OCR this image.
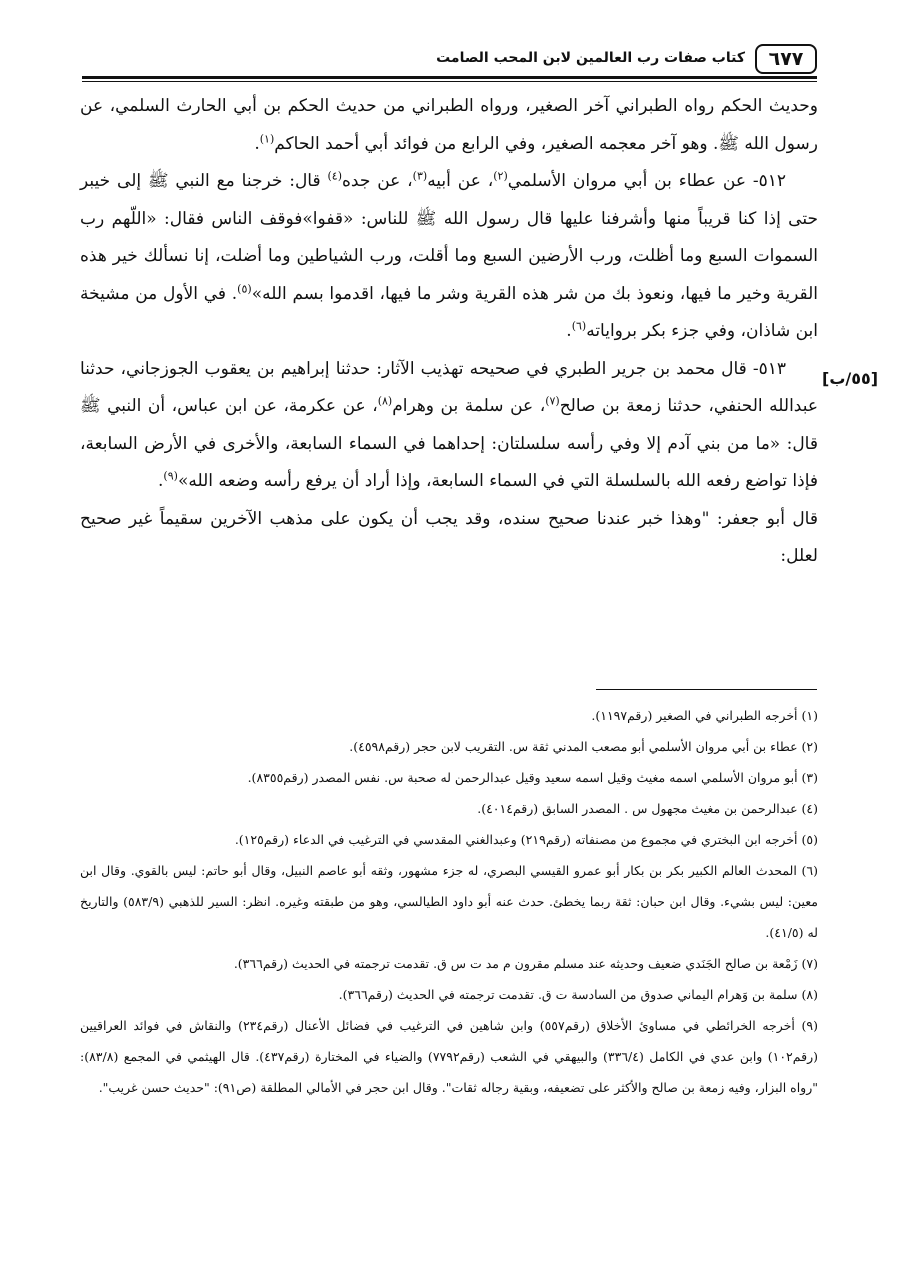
٦٧٧
كتاب صفات رب العالمين لابن المحب الصامت
[٥٥/ب]

وحديث الحكم رواه الطبراني آخر الصغير، ورواه الطبراني من حديث الحكم بن أبي الحارث السلمي، عن رسول الله ﷺ. وهو آخر معجمه الصغير، وفي الرابع من فوائد أبي أحمد الحاكم$^{(١)}$.

٥١٢- عن عطاء بن أبي مروان الأسلمي$^{(٢)}$، عن أبيه$^{(٣)}$، عن جده$^{(٤)}$ قال: خرجنا مع النبي ﷺ إلى خيبر حتى إذا كنا قريباً منها وأشرفنا عليها قال رسول الله ﷺ للناس: «قفوا»فوقف الناس فقال: «اللّهم رب السموات السبع وما أظلت، ورب الأرضين السبع وما أقلت، ورب الشياطين وما أضلت، إنا نسألك خير هذه القرية وخير ما فيها، ونعوذ بك من شر هذه القرية وشر ما فيها، اقدموا بسم الله»$^{(٥)}$. في الأول من مشيخة ابن شاذان، وفي جزء بكر برواياته$^{(٦)}$.

٥١٣- قال محمد بن جرير الطبري في صحيحه تهذيب الآثار: حدثنا إبراهيم بن يعقوب الجوزجاني، حدثنا عبدالله الحنفي، حدثنا زمعة بن صالح$^{(٧)}$، عن سلمة بن وهرام$^{(٨)}$، عن عكرمة، عن ابن عباس، أن النبي ﷺ قال: «ما من بني آدم إلا وفي رأسه سلسلتان: إحداهما في السماء السابعة، والأخرى في الأرض السابعة، فإذا تواضع رفعه الله بالسلسلة التي في السماء السابعة، وإذا أراد أن يرفع رأسه وضعه الله»$^{(٩)}$.

قال أبو جعفر: "وهذا خبر عندنا صحيح سنده، وقد يجب أن يكون على مذهب الآخرين سقيماً غير صحيح لعلل:

(١) أخرجه الطبراني في الصغير (رقم١١٩٧).

(٢) عطاء بن أبي مروان الأسلمي أبو مصعب المدني ثقة س. التقريب لابن حجر (رقم٤٥٩٨).

(٣) أبو مروان الأسلمي اسمه مغيث وقيل اسمه سعيد وقيل عبدالرحمن له صحبة س. نفس المصدر (رقم٨٣٥٥).

(٤) عبدالرحمن بن مغيث مجهول س . المصدر السابق (رقم٤٠١٤).

(٥) أخرجه ابن البختري في مجموع من مصنفاته (رقم٢١٩) وعبدالغني المقدسي في الترغيب في الدعاء (رقم١٢٥).

(٦) المحدث العالم الكبير بكر بن بكار أبو عمرو القيسي البصري، له جزء مشهور، وثقه أبو عاصم النبيل، وقال أبو حاتم: ليس بالقوي. وقال ابن معين: ليس بشيء. وقال ابن حبان: ثقة ربما يخطئ. حدث عنه أبو داود الطيالسي، وهو من طبقته وغيره. انظر: السير للذهبي (٥٨٣/٩) والتاريخ له (٤١/٥).

(٧) زَمْعة بن صالح الجَنَدي ضعيف وحديثه عند مسلم مقرون م مد ت س ق. تقدمت ترجمته في الحديث (رقم٣٦٦).

(٨) سلمة بن وَهرام اليماني صدوق من السادسة ت ق. تقدمت ترجمته في الحديث (رقم٣٦٦).

(٩) أخرجه الخرائطي في مساوئ الأخلاق (رقم٥٥٧) وابن شاهين في الترغيب في فضائل الأعنال (رقم٢٣٤) والنقاش في فوائد العراقيين (رقم١٠٢) وابن عدي في الكامل (٣٣٦/٤) والبيهقي في الشعب (رقم٧٧٩٢) والضياء في المختارة (رقم٤٣٧). قال الهيثمي في المجمع (٨٣/٨): "رواه البزار، وفيه زمعة بن صالح والأكثر على تضعيفه، وبقية رجاله ثقات". وقال ابن حجر في الأمالي المطلقة (ص٩١): "حديث حسن غريب".
